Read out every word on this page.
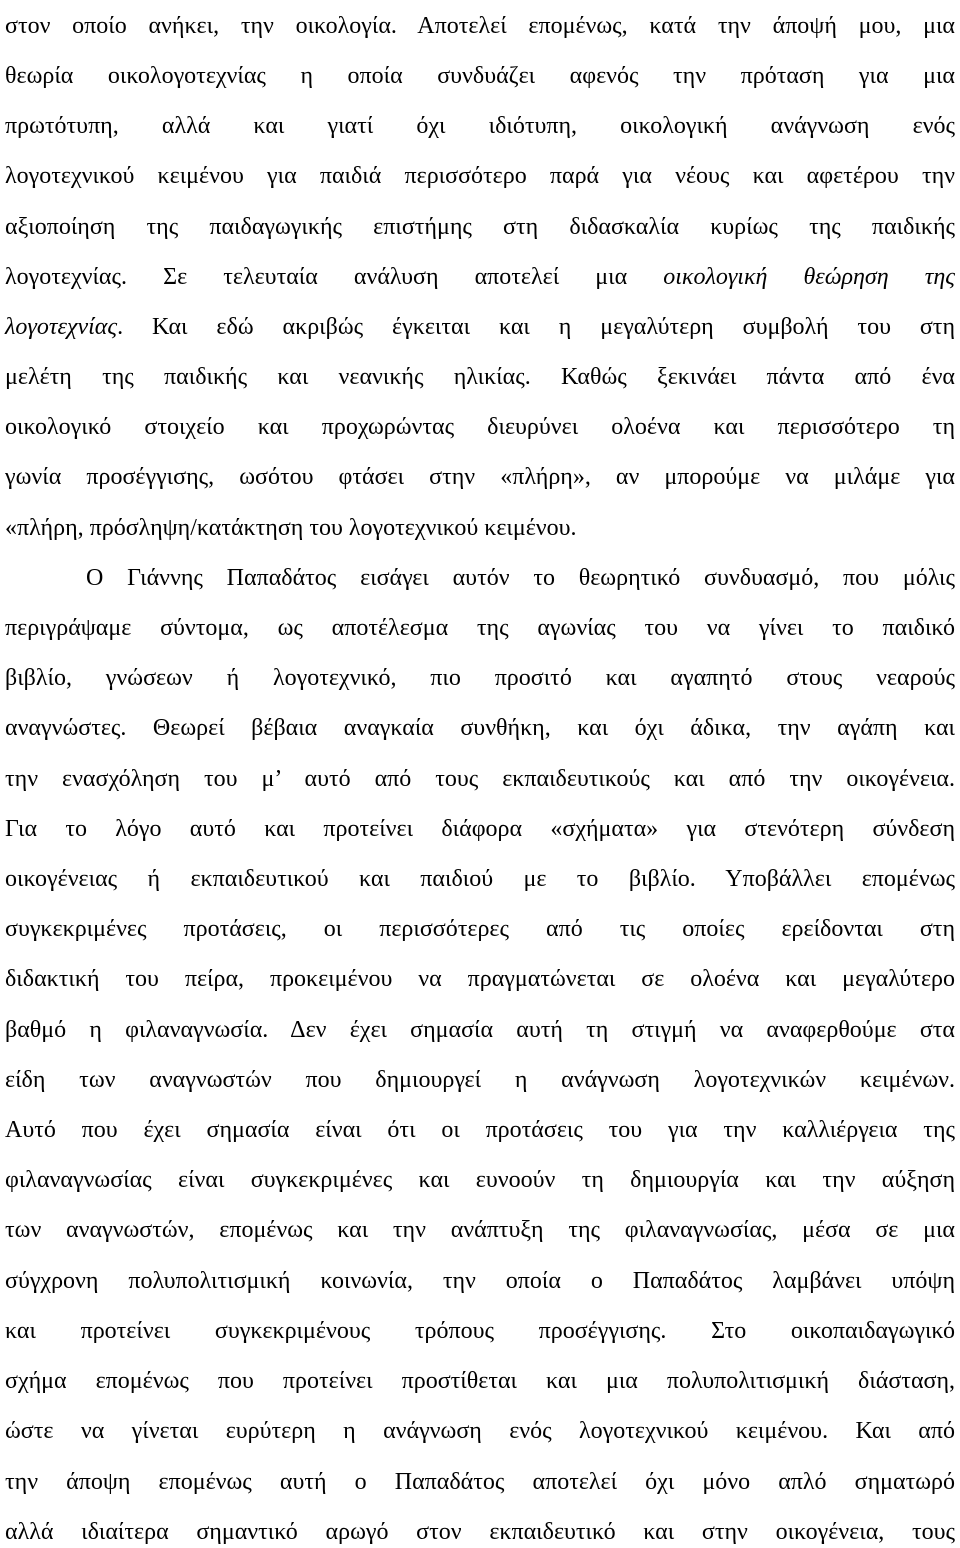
στον οποίο ανήκει, την οικολογία. Αποτελεί επομένως, κατά την άποψή μου, μια
θεωρία οικολογοτεχνίας η οποία συνδυάζει αφενός την πρόταση για μια
πρωτότυπη, αλλά και γιατί όχι ιδιότυπη, οικολογική ανάγνωση ενός
λογοτεχνικού κειμένου για παιδιά περισσότερο παρά για νέους και αφετέρου την
αξιοποίηση της παιδαγωγικής επιστήμης στη διδασκαλία κυρίως της παιδικής
λογοτεχνίας. Σε τελευταία ανάλυση αποτελεί μια οικολογική θεώρηση της
λογοτεχνίας. Και εδώ ακριβώς έγκειται και η μεγαλύτερη συμβολή του στη
μελέτη της παιδικής και νεανικής ηλικίας. Καθώς ξεκινάει πάντα από ένα
οικολογικό στοιχείο και προχωρώντας διευρύνει ολοένα και περισσότερο τη
γωνία προσέγγισης, ωσότου φτάσει στην «πλήρη», αν μπορούμε να μιλάμε για
«πλήρη, πρόσληψη/κατάκτηση του λογοτεχνικού κειμένου.
Ο Γιάννης Παπαδάτος εισάγει αυτόν το θεωρητικό συνδυασμό, που μόλις
περιγράψαμε σύντομα, ως αποτέλεσμα της αγωνίας του να γίνει το παιδικό
βιβλίο, γνώσεων ή λογοτεχνικό, πιο προσιτό και αγαπητό στους νεαρούς
αναγνώστες. Θεωρεί βέβαια αναγκαία συνθήκη, και όχι άδικα, την αγάπη και
την ενασχόληση του μ’ αυτό από τους εκπαιδευτικούς και από την οικογένεια.
Για το λόγο αυτό και προτείνει διάφορα «σχήματα» για στενότερη σύνδεση
οικογένειας ή εκπαιδευτικού και παιδιού με το βιβλίο. Υποβάλλει επομένως
συγκεκριμένες προτάσεις, οι περισσότερες από τις οποίες ερείδονται στη
διδακτική του πείρα, προκειμένου να πραγματώνεται σε ολοένα και μεγαλύτερο
βαθμό η φιλαναγνωσία. Δεν έχει σημασία αυτή τη στιγμή να αναφερθούμε στα
είδη των αναγνωστών που δημιουργεί η ανάγνωση λογοτεχνικών κειμένων.
Αυτό που έχει σημασία είναι ότι οι προτάσεις του για την καλλιέργεια της
φιλαναγνωσίας είναι συγκεκριμένες και ευνοούν τη δημιουργία και την αύξηση
των αναγνωστών, επομένως και την ανάπτυξη της φιλαναγνωσίας, μέσα σε μια
σύγχρονη πολυπολιτισμική κοινωνία, την οποία ο Παπαδάτος λαμβάνει υπόψη
και προτείνει συγκεκριμένους τρόπους προσέγγισης. Στο οικοπαιδαγωγικό
σχήμα επομένως που προτείνει προστίθεται και μια πολυπολιτισμική διάσταση,
ώστε να γίνεται ευρύτερη η ανάγνωση ενός λογοτεχνικού κειμένου. Και από
την άποψη επομένως αυτή ο Παπαδάτος αποτελεί όχι μόνο απλό σηματωρό
αλλά ιδιαίτερα σημαντικό αρωγό στον εκπαιδευτικό και στην οικογένεια, τους
